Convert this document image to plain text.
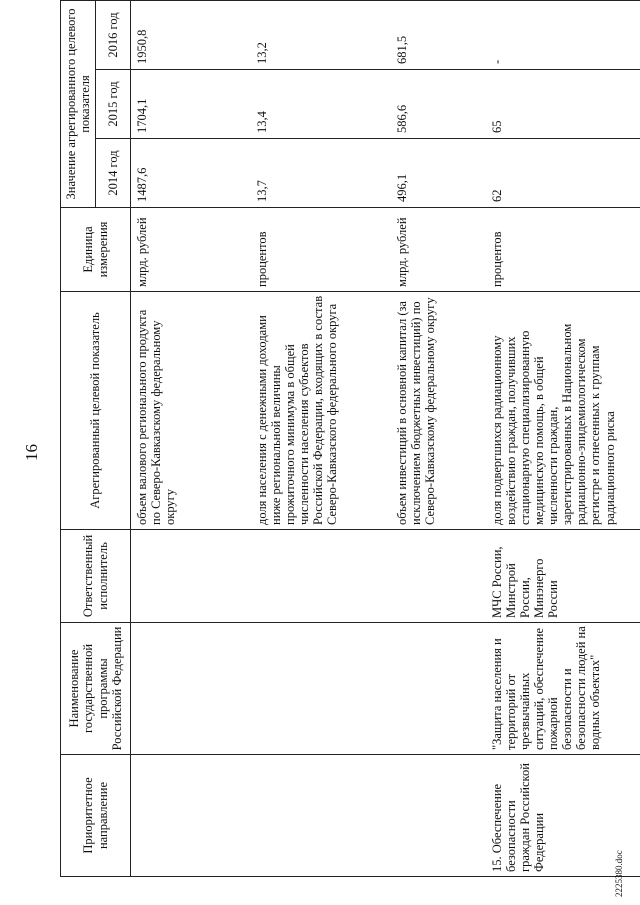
16
Приоритетное направление	Наименование государственной программы Российской Федерации	Ответственный исполнитель	Агрегированный целевой показатель	Единица измерения	Значение агрегированного целевого показателя		
					2014 год	2015 год	2016 год
			объем валового регионального продукта по Северо-Кавказскому федеральному округу	млрд. рублей	1487,6	1704,1	1950,8
			доля населения с денежными доходами ниже региональной величины прожиточного минимума в общей численности населения субъектов Российской Федерации, входящих в состав Северо-Кавказского федерального округа	процентов	13,7	13,4	13,2
			объем инвестиций в основной капитал (за исключением бюджетных инвестиций) по Северо-Кавказскому федеральному округу	млрд. рублей	496,1	586,6	681,5
15. Обеспечение безопасности граждан Российской Федерации	"Защита населения и территорий от чрезвычайных ситуаций, обеспечение пожарной безопасности и безопасности людей на водных объектах"	МЧС России, Минстрой России, Минэнерго России	доля подвергшихся радиационному воздействию граждан, получивших стационарную специализированную медицинскую помощь, в общей численности граждан, зарегистрированных в Национальном радиационно-эпидемиологическом регистре и отнесенных к группам радиационного риска	процентов	62	65	-
2225380.doc
